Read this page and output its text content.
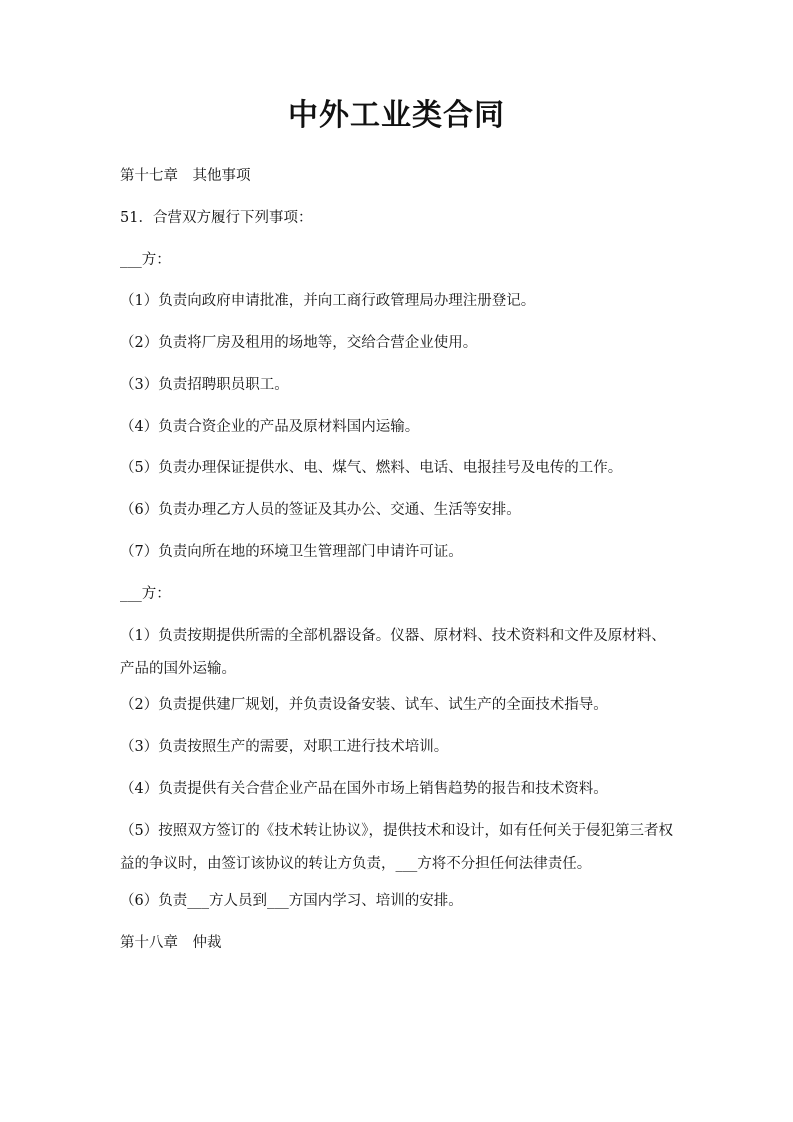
中外工业类合同
第十七章　其他事项
51．合营双方履行下列事项：
___方：
（1）负责向政府申请批准，并向工商行政管理局办理注册登记。
（2）负责将厂房及租用的场地等，交给合营企业使用。
（3）负责招聘职员职工。
（4）负责合资企业的产品及原材料国内运输。
（5）负责办理保证提供水、电、煤气、燃料、电话、电报挂号及电传的工作。
（6）负责办理乙方人员的签证及其办公、交通、生活等安排。
（7）负责向所在地的环境卫生管理部门申请许可证。
___方：
（1）负责按期提供所需的全部机器设备。仪器、原材料、技术资料和文件及原材料、产品的国外运输。
（2）负责提供建厂规划，并负责设备安装、试车、试生产的全面技术指导。
（3）负责按照生产的需要，对职工进行技术培训。
（4）负责提供有关合营企业产品在国外市场上销售趋势的报告和技术资料。
（5）按照双方签订的《技术转让协议》，提供技术和设计，如有任何关于侵犯第三者权益的争议时，由签订该协议的转让方负责，___方将不分担任何法律责任。
（6）负责___方人员到___方国内学习、培训的安排。
第十八章　仲裁
